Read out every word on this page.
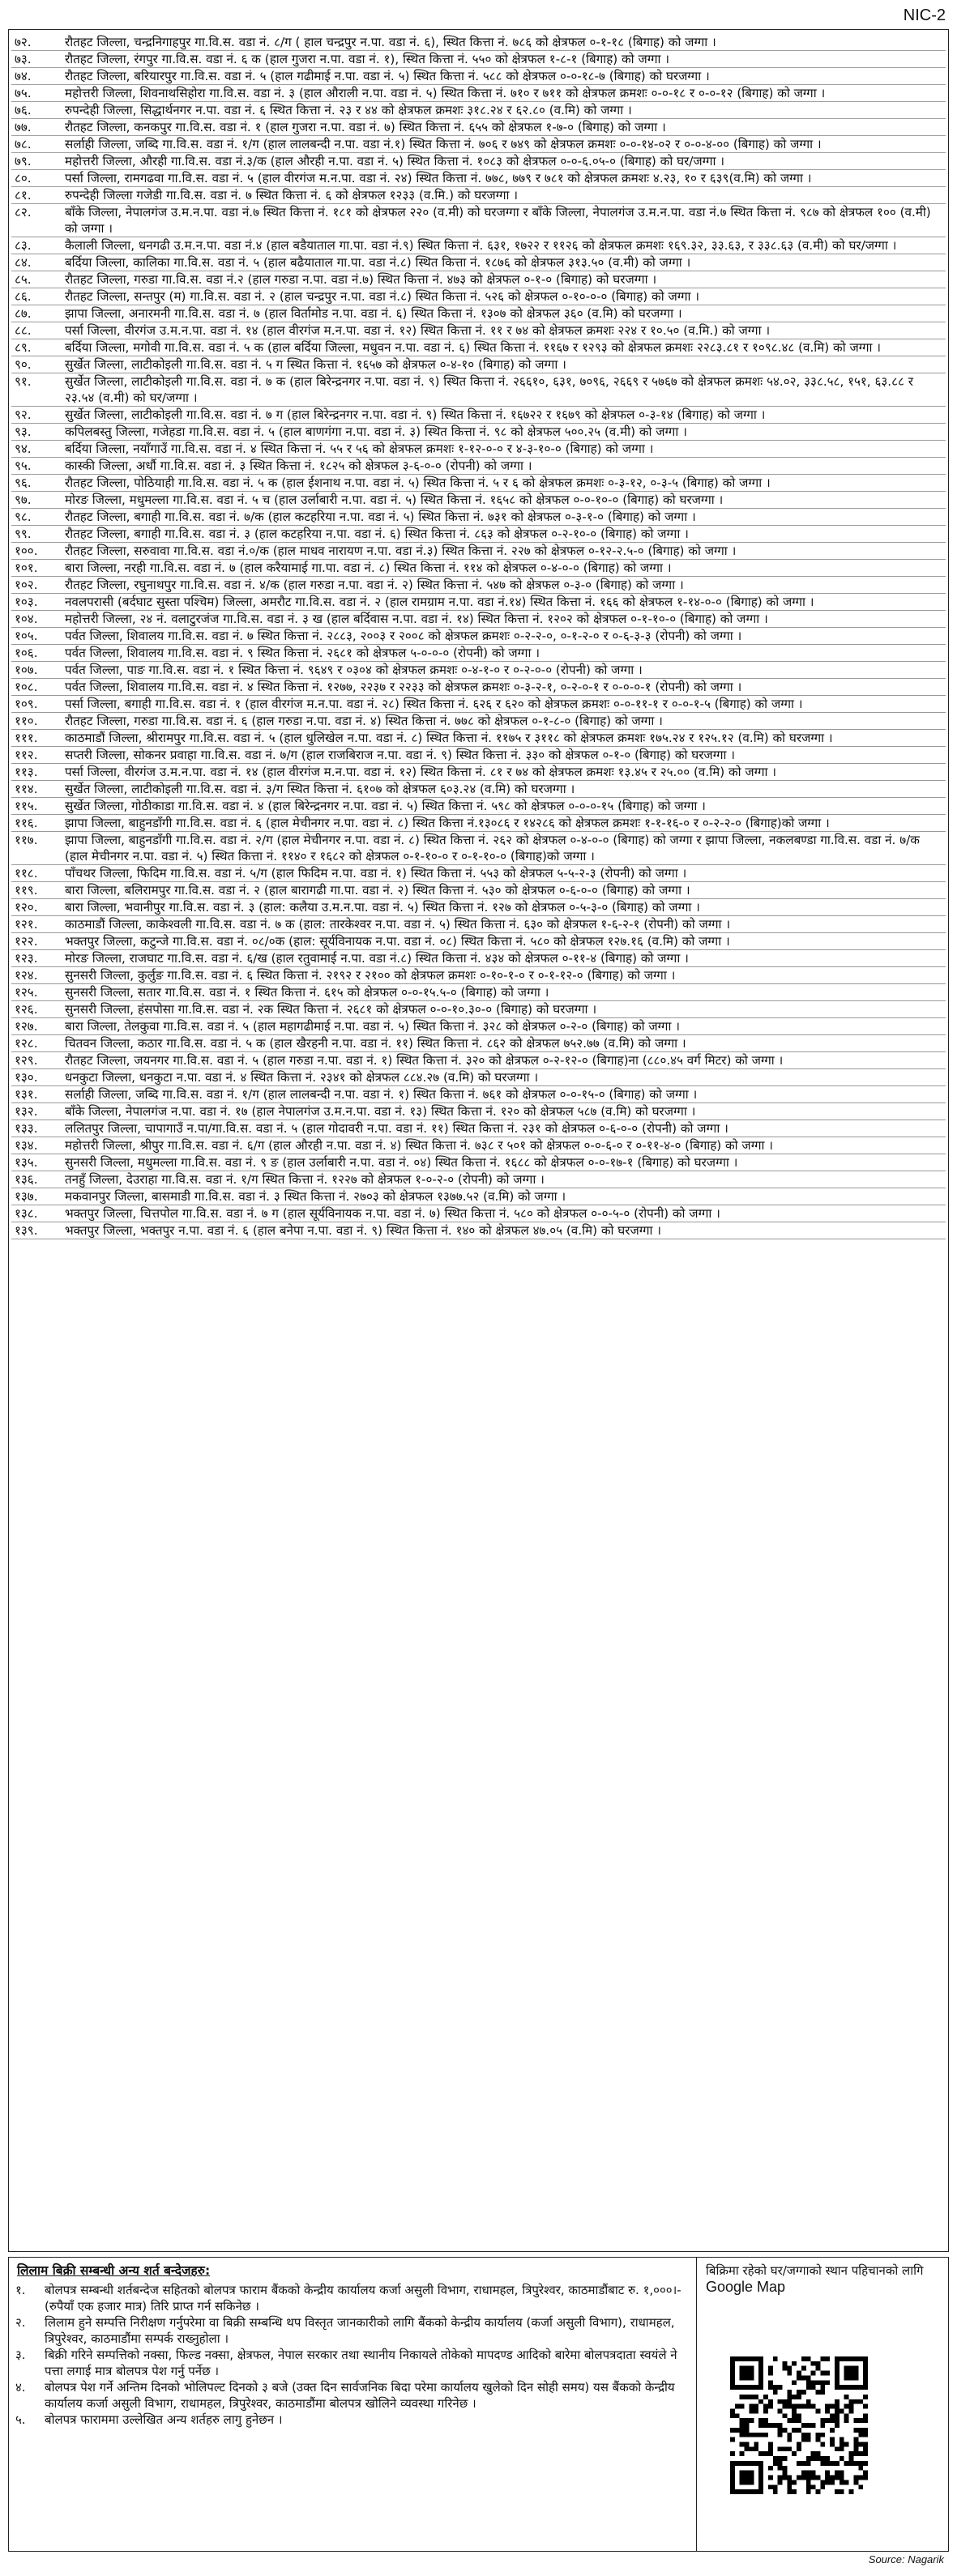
NIC-2
७२.	रौतहट जिल्ला, चन्द्रनिगाहपुर गा.वि.स. वडा नं. ८/ग ( हाल चन्द्रपुर न.पा. वडा नं. ६), स्थित कित्ता नं. ७८६ को क्षेत्रफल ०-१-१८ (बिगाह) को जग्गा ।
७३.	रौतहट जिल्ला, रंगपुर गा.वि.स. वडा नं. ६ क (हाल गुजरा न.पा. वडा नं. १), स्थित कित्ता नं. ५५० को क्षेत्रफल १-८-१ (बिगाह) को जग्गा ।
७४.	रौतहट जिल्ला, बरियारपुर गा.वि.स. वडा नं. ५ (हाल गढीमाई न.पा. वडा नं. ५) स्थित कित्ता नं. ५८८ को क्षेत्रफल ०-०-१८-७ (बिगाह) को घरजग्गा ।
७५.	महोत्तरी जिल्ला, शिवनाथसिहोरा गा.वि.स. वडा नं. ३ (हाल औराली न.पा. वडा नं. ५) स्थित कित्ता नं. ७१० र ७११ को क्षेत्रफल क्रमशः ०-०-१८ र ०-०-१२ (बिगाह) को जग्गा ।
७६.	रुपन्देही जिल्ला, सिद्धार्थनगर न.पा. वडा नं. ६ स्थित कित्ता नं. २३ र ४४ को क्षेत्रफल क्रमशः ३१८.२४ र ६२.८० (व.मि) को जग्गा ।
७७.	रौतहट जिल्ला, कनकपुर गा.वि.स. वडा नं. १ (हाल गुजरा न.पा. वडा नं. ७) स्थित कित्ता नं. ६५५ को क्षेत्रफल १-७-० (बिगाह) को जग्गा ।
७८.	सर्लाही जिल्ला, जब्दि गा.वि.स. वडा नं. १/ग (हाल लालबन्दी न.पा. वडा नं.१) स्थित कित्ता नं. ७०६ र ७४९ को क्षेत्रफल क्रमशः ०-०-१४-०२ र ०-०-४-०० (बिगाह) को जग्गा ।
७९.	महोत्तरी जिल्ला, औरही गा.वि.स. वडा नं.३/क (हाल औरही न.पा. वडा नं. ५) स्थित कित्ता नं. १०८३ को क्षेत्रफल ०-०-६.०५-० (बिगाह) को घर/जग्गा ।
८०.	पर्सा जिल्ला, रामगढवा गा.वि.स. वडा नं. ५ (हाल वीरगंज म.न.पा. वडा नं. २४) स्थित कित्ता नं. ७७८, ७७९ र ७८१ को क्षेत्रफल क्रमशः ४.२३, १० र ६३९(व.मि) को जग्गा ।
८१.	रुपन्देही जिल्ला गजेडी गा.वि.स. वडा नं. ७ स्थित कित्ता नं. ६ को क्षेत्रफल १२३३ (व.मि.) को घरजग्गा ।
८२.	बाँके जिल्ला, नेपालगंज उ.म.न.पा. वडा नं.७ स्थित कित्ता नं. १८१ को क्षेत्रफल २२० (व.मी) को घरजग्गा र बाँके जिल्ला, नेपालगंज उ.म.न.पा. वडा नं.७ स्थित कित्ता नं. ९८७ को क्षेत्रफल १०० (व.मी) को जग्गा ।
८३.	कैलाली जिल्ला, धनगढी उ.म.न.पा. वडा नं.४ (हाल बडैयाताल गा.पा. वडा नं.९) स्थित कित्ता नं. ६३१, १७२२ र ११२६ को क्षेत्रफल क्रमशः १६९.३२, ३३.६३, र ३३८.६३ (व.मी) को घर/जग्गा ।
८४.	बर्दिया जिल्ला, कालिका गा.वि.स. वडा नं. ५ (हाल बढैयाताल गा.पा. वडा नं.८) स्थित कित्ता नं. १८७६ को क्षेत्रफल ३१३.५० (व.मी) को जग्गा ।
८५.	रौतहट जिल्ला, गरुडा गा.वि.स. वडा नं.२ (हाल गरुडा न.पा. वडा नं.७) स्थित कित्ता नं. ४७३ को क्षेत्रफल ०-१-० (बिगाह) को घरजग्गा ।
८६.	रौतहट जिल्ला, सन्तपुर (म) गा.वि.स. वडा नं. २ (हाल चन्द्रपुर न.पा. वडा नं.८) स्थित कित्ता नं. ५२६ को क्षेत्रफल ०-१०-०-० (बिगाह) को जग्गा ।
८७.	झापा जिल्ला, अनारमनी गा.वि.स. वडा नं. ७ (हाल विर्तामोड न.पा. वडा नं. ६) स्थित कित्ता नं. १३०७ को क्षेत्रफल ३६० (व.मि) को घरजग्गा ।
८८.	पर्सा जिल्ला, वीरगंज उ.म.न.पा. वडा नं. १४ (हाल वीरगंज म.न.पा. वडा नं. १२) स्थित कित्ता नं. ११ र ७४ को क्षेत्रफल क्रमशः २२४ र १०.५० (व.मि.) को जग्गा ।
८९.	बर्दिया जिल्ला, मगोवी गा.वि.स. वडा नं. ५ क (हाल बर्दिया जिल्ला, मधुवन न.पा. वडा नं. ६) स्थित कित्ता नं. ११६७ र १२९३ को क्षेत्रफल क्रमशः २२८३.८१ र १०९८.४८ (व.मि) को जग्गा ।
९०.	सुर्खेत जिल्ला, लाटीकोइली गा.वि.स. वडा नं. ५ ग स्थित कित्ता नं. १६५७ को क्षेत्रफल ०-४-१० (बिगाह) को जग्गा ।
९१.	सुर्खेत जिल्ला, लाटीकोइली गा.वि.स. वडा नं. ७ क (हाल बिरेन्द्रनगर न.पा. वडा नं. ९) स्थित कित्ता नं. २६६१०, ६३१, ७०९६, २६६९ र ५७६७ को क्षेत्रफल क्रमशः ५४.०२, ३३८.५८, १५१, ६३.८८ र २३.५४ (व.मी) को घर/जग्गा ।
९२.	सुर्खेत जिल्ला, लाटीकोइली गा.वि.स. वडा नं. ७ ग (हाल बिरेन्द्रनगर न.पा. वडा नं. ९) स्थित कित्ता नं. १६७२२ र १६७९ को क्षेत्रफल ०-३-१४ (बिगाह) को जग्गा ।
९३.	कपिलबस्तु जिल्ला, गजेहडा गा.वि.स. वडा नं. ५ (हाल बाणगंगा न.पा. वडा नं. ३) स्थित कित्ता नं. ९८ को क्षेत्रफल ५००.२५ (व.मी) को जग्गा ।
९४.	बर्दिया जिल्ला, नयाँगाउँ गा.वि.स. वडा नं. ४ स्थित कित्ता नं. ५५ र ५६ को क्षेत्रफल क्रमशः १-१२-०-० र ४-३-१०-० (बिगाह) को जग्गा ।
९५.	कास्की जिल्ला, अर्धौ गा.वि.स. वडा नं. ३ स्थित कित्ता नं. १८२५ को क्षेत्रफल ३-६-०-० (रोपनी) को जग्गा ।
९६.	रौतहट जिल्ला, पोठियाही गा.वि.स. वडा नं. ५ क (हाल ईशनाथ न.पा. वडा नं. ५) स्थित कित्ता नं. ५ र ६ को क्षेत्रफल क्रमशः ०-३-१२, ०-३-५ (बिगाह) को जग्गा ।
९७.	मोरङ जिल्ला, मधुमल्ला गा.वि.स. वडा नं. ५ च (हाल उर्लाबारी न.पा. वडा नं. ५) स्थित कित्ता नं. १६५८ को क्षेत्रफल ०-०-१०-० (बिगाह) को घरजग्गा ।
९८.	रौतहट जिल्ला, बगाही गा.वि.स. वडा नं. ७/क (हाल कटहरिया न.पा. वडा नं. ५) स्थित कित्ता नं. ७३१ को क्षेत्रफल ०-३-१-० (बिगाह) को जग्गा ।
९९.	रौतहट जिल्ला, बगाही गा.वि.स. वडा नं. ३ (हाल कटहरिया न.पा. वडा नं. ६) स्थित कित्ता नं. ८६३ को क्षेत्रफल ०-२-१०-० (बिगाह) को जग्गा ।
१००.	रौतहट जिल्ला, सरुवावा गा.वि.स. वडा नं.०/क (हाल माधव नारायण न.पा. वडा नं.३) स्थित कित्ता नं. २२७ को क्षेत्रफल ०-१२-२.५-० (बिगाह) को जग्गा ।
१०१.	बारा जिल्ला, नरही गा.वि.स. वडा नं. ७ (हाल करैयामाई गा.पा. वडा नं. ८) स्थित कित्ता नं. ११४ को क्षेत्रफल ०-४-०-० (बिगाह) को जग्गा ।
१०२.	रौतहट जिल्ला, रघुनाथपुर गा.वि.स. वडा नं. ४/क (हाल गरुडा न.पा. वडा नं. २) स्थित कित्ता नं. ५४७ को क्षेत्रफल ०-३-० (बिगाह) को जग्गा ।
१०३.	नवलपरासी (बर्दघाट सुस्ता पश्चिम) जिल्ला, अमरौट गा.वि.स. वडा नं. २ (हाल रामग्राम न.पा. वडा नं.१४) स्थित कित्ता नं. १६६ को क्षेत्रफल १-१४-०-० (बिगाह) को जग्गा ।
१०४.	महोत्तरी जिल्ला, २४ नं. वलाटुरजंज गा.वि.स. वडा नं. ३ ख (हाल बर्दिवास न.पा. वडा नं. १४) स्थित कित्ता नं. १२०२ को क्षेत्रफल ०-१-१०-० (बिगाह) को जग्गा ।
१०५.	पर्वत जिल्ला, शिवालय गा.वि.स. वडा नं. ७ स्थित कित्ता नं. २८८३, २००३ र २००८ को क्षेत्रफल क्रमशः ०-२-२-०, ०-१-२-० र ०-६-३-३ (रोपनी) को जग्गा ।
१०६.	पर्वत जिल्ला, शिवालय गा.वि.स. वडा नं. ९ स्थित कित्ता नं. २६८१ को क्षेत्रफल ५-०-०-० (रोपनी) को जग्गा ।
१०७.	पर्वत जिल्ला, पाङ गा.वि.स. वडा नं. १ स्थित कित्ता नं. ९६४९ र ०३०४ को क्षेत्रफल क्रमशः ०-४-१-० र ०-२-०-० (रोपनी) को जग्गा ।
१०८.	पर्वत जिल्ला, शिवालय गा.वि.स. वडा नं. ४ स्थित कित्ता नं. १२७७, २२३७ र २२३३ को क्षेत्रफल क्रमशः ०-३-२-१, ०-२-०-१ र ०-०-०-१ (रोपनी) को जग्गा ।
१०९.	पर्सा जिल्ला, बगाही गा.वि.स. वडा नं. १ (हाल वीरगंज म.न.पा. वडा नं. २८) स्थित कित्ता नं. ६२६ र ६२० को क्षेत्रफल क्रमशः ०-०-११-१ र ०-०-१-५ (बिगाह) को जग्गा ।
११०.	रौतहट जिल्ला, गरुडा गा.वि.स. वडा नं. ६ (हाल गरुडा न.पा. वडा नं. ४) स्थित कित्ता नं. ७७८ को क्षेत्रफल ०-१-८-० (बिगाह) को जग्गा ।
१११.	काठमाडौं जिल्ला, श्रीरामपुर गा.वि.स. वडा नं. ५ (हाल धुलिखेल न.पा. वडा नं. ८) स्थित कित्ता नं. ११७५ र ३११८ को क्षेत्रफल क्रमशः १७५.२४ र १२५.१२ (व.मि) को घरजग्गा ।
११२.	सप्तरी जिल्ला, सोकनर प्रवाहा गा.वि.स. वडा नं. ७/ग (हाल राजबिराज न.पा. वडा नं. ९) स्थित कित्ता नं. ३३० को क्षेत्रफल ०-१-० (बिगाह) को घरजग्गा ।
११३.	पर्सा जिल्ला, वीरगंज उ.म.न.पा. वडा नं. १४ (हाल वीरगंज म.न.पा. वडा नं. १२) स्थित कित्ता नं. ८१ र ७४ को क्षेत्रफल क्रमशः १३.४५ र २५.०० (व.मि) को जग्गा ।
११४.	सुर्खेत जिल्ला, लाटीकोइली गा.वि.स. वडा नं. ३/ग स्थित कित्ता नं. ६१०७ को क्षेत्रफल ६०३.२४ (व.मि) को घरजग्गा ।
११५.	सुर्खेत जिल्ला, गोठीकाडा गा.वि.स. वडा नं. ४ (हाल बिरेन्द्रनगर न.पा. वडा नं. ५) स्थित कित्ता नं. ५९८ को क्षेत्रफल ०-०-०-१५ (बिगाह) को जग्गा ।
११६.	झापा जिल्ला, बाहुनडाँगी गा.वि.स. वडा नं. ६ (हाल मेचीनगर न.पा. वडा नं. ८) स्थित कित्ता नं.१३०८६ र १४२८६ को क्षेत्रफल क्रमशः १-१-१६-० र ०-२-२-० (बिगाह)को जग्गा ।
११७.	झापा जिल्ला, बाहुनडाँगी गा.वि.स. वडा नं. २/ग (हाल मेचीनगर न.पा. वडा नं. ८) स्थित कित्ता नं. २६२ को क्षेत्रफल ०-४-०-० (बिगाह) को जग्गा र झापा जिल्ला, नकलबण्डा गा.वि.स. वडा नं. ७/क (हाल मेचीनगर न.पा. वडा नं. ५) स्थित कित्ता नं. ११४० र १६८२ को क्षेत्रफल ०-१-१०-० र ०-१-१०-० (बिगाह)को जग्गा ।
११८.	पाँचथर जिल्ला, फिदिम गा.वि.स. वडा नं. ५/ग (हाल फिदिम न.पा. वडा नं. १) स्थित कित्ता नं. ५५३ को क्षेत्रफल ५-५-२-३ (रोपनी) को जग्गा ।
११९.	बारा जिल्ला, बलिरामपुर गा.वि.स. वडा नं. २ (हाल बारागढी गा.पा. वडा नं. २) स्थित कित्ता नं. ५३० को क्षेत्रफल ०-६-०-० (बिगाह) को जग्गा ।
१२०.	बारा जिल्ला, भवानीपुर गा.वि.स. वडा नं. ३ (हाल: कलैया उ.म.न.पा. वडा नं. ५) स्थित कित्ता नं. १२७ को क्षेत्रफल ०-५-३-० (बिगाह) को जग्गा ।
१२१.	काठमाडौं जिल्ला, काकेश्वली गा.वि.स. वडा नं. ७ क (हाल: तारकेश्वर न.पा. वडा नं. ५) स्थित कित्ता नं. ६३० को क्षेत्रफल १-६-२-१ (रोपनी) को जग्गा ।
१२२.	भक्तपुर जिल्ला, कटुन्जे गा.वि.स. वडा नं. ०८/०क (हाल: सूर्यविनायक न.पा. वडा नं. ०८) स्थित कित्ता नं. ५८० को क्षेत्रफल १२७.१६ (व.मि) को जग्गा ।
१२३.	मोरङ जिल्ला, राजघाट गा.वि.स. वडा नं. ६/ख (हाल रतुवामाई न.पा. वडा नं.८) स्थित कित्ता नं. ४३४ को क्षेत्रफल ०-११-४ (बिगाह) को जग्गा ।
१२४.	सुनसरी जिल्ला, कुर्लुङ गा.वि.स. वडा नं. ६ स्थित कित्ता नं. २१९२ र २१०० को क्षेत्रफल क्रमशः ०-१०-१-० र ०-१-१२-० (बिगाह) को जग्गा ।
१२५.	सुनसरी जिल्ला, सतार गा.वि.स. वडा नं. १ स्थित कित्ता नं. ६१५ को क्षेत्रफल ०-०-१५.५-० (बिगाह) को जग्गा ।
१२६.	सुनसरी जिल्ला, हंसपोसा गा.वि.स. वडा नं. २क स्थित कित्ता नं. २६८१ को क्षेत्रफल ०-०-१०.३०-० (बिगाह) को घरजग्गा ।
१२७.	बारा जिल्ला, तेलकुवा गा.वि.स. वडा नं. ५ (हाल महागढीमाई न.पा. वडा नं. ५) स्थित कित्ता नं. ३२८ को क्षेत्रफल ०-२-० (बिगाह) को जग्गा ।
१२८.	चितवन जिल्ला, कठार गा.वि.स. वडा नं. ५ क (हाल खैरहनी न.पा. वडा नं. ११) स्थित कित्ता नं. ८६२ को क्षेत्रफल ७५२.७७ (व.मि) को जग्गा ।
१२९.	रौतहट जिल्ला, जयनगर गा.वि.स. वडा नं. ५ (हाल गरुडा न.पा. वडा नं. १) स्थित कित्ता नं. ३२० को क्षेत्रफल ०-२-१२-० (बिगाह)ना (८८०.४५ वर्ग मिटर) को जग्गा ।
१३०.	धनकुटा जिल्ला, धनकुटा न.पा. वडा नं. ४ स्थित कित्ता नं. २३४१ को क्षेत्रफल ८८४.२७ (व.मि) को घरजग्गा ।
१३१.	सर्लाही जिल्ला, जब्दि गा.वि.स. वडा नं. १/ग (हाल लालबन्दी न.पा. वडा नं. १) स्थित कित्ता नं. ७६१ को क्षेत्रफल ०-०-१५-० (बिगाह) को जग्गा ।
१३२.	बाँके जिल्ला, नेपालगंज न.पा. वडा नं. १७ (हाल नेपालगंज उ.म.न.पा. वडा नं. १३) स्थित कित्ता नं. १२० को क्षेत्रफल ५८७ (व.मि) को घरजग्गा ।
१३३.	ललितपुर जिल्ला, चापागाउँ न.पा/गा.वि.स. वडा नं. ५ (हाल गोदावरी न.पा. वडा नं. ११) स्थित कित्ता नं. २३१ को क्षेत्रफल ०-६-०-० (रोपनी) को जग्गा ।
१३४.	महोत्तरी जिल्ला, श्रीपुर गा.वि.स. वडा नं. ६/ग (हाल औरही न.पा. वडा नं. ४) स्थित कित्ता नं. ७३८ र ५०१ को क्षेत्रफल ०-०-६-० र ०-११-४-० (बिगाह) को जग्गा ।
१३५.	सुनसरी जिल्ला, मधुमल्ला गा.वि.स. वडा नं. ९ ङ (हाल उर्लाबारी न.पा. वडा नं. ०४) स्थित कित्ता नं. १६८८ को क्षेत्रफल ०-०-१७-१ (बिगाह) को घरजग्गा ।
१३६.	तनहुँ जिल्ला, देउराहा गा.वि.स. वडा नं. १/ग स्थित कित्ता नं. १२२७ को क्षेत्रफल १-०-२-० (रोपनी) को जग्गा ।
१३७.	मकवानपुर जिल्ला, बासमाडी गा.वि.स. वडा नं. ३ स्थित कित्ता नं. २७०३ को क्षेत्रफल १३७७.५२ (व.मि) को जग्गा ।
१३८.	भक्तपुर जिल्ला, चित्तपोल गा.वि.स. वडा नं. ७ ग (हाल सूर्यविनायक न.पा. वडा नं. ७) स्थित कित्ता नं. ५८० को क्षेत्रफल ०-०-५-० (रोपनी) को जग्गा ।
१३९.	भक्तपुर जिल्ला, भक्तपुर न.पा. वडा नं. ६ (हाल बनेपा न.पा. वडा नं. ९) स्थित कित्ता नं. १४० को क्षेत्रफल ४७.०५ (व.मि) को घरजग्गा ।
लिलाम बिक्री सम्बन्धी अन्य शर्त बन्देजहरु:
१.	बोलपत्र सम्बन्धी शर्तबन्देज सहितको बोलपत्र फाराम बैंकको केन्द्रीय कार्यालय कर्जा असुली विभाग, राधामहल, त्रिपुरेश्वर, काठमाडौंबाट रु. १,०००।- (रुपैयाँ एक हजार मात्र) तिरि प्राप्त गर्न सकिनेछ ।
२.	लिलाम हुने सम्पत्ति निरीक्षण गर्नुपरेमा वा बिक्री सम्बन्धि थप विस्तृत जानकारीको लागि बैंकको केन्द्रीय कार्यालय (कर्जा असुली विभाग), राधामहल, त्रिपुरेश्वर, काठमाडौंमा सम्पर्क राख्नुहोला ।
३.	बिक्री गरिने सम्पत्तिको नक्सा, फिल्ड नक्सा, क्षेत्रफल, नेपाल सरकार तथा स्थानीय निकायले तोकेको मापदण्ड आदिको बारेमा बोलपत्रदाता स्वयंले ने पत्ता लगाई मात्र बोलपत्र पेश गर्नु पर्नेछ ।
४.	बोलपत्र पेश गर्ने अन्तिम दिनको भोलिपल्ट दिनको ३ बजे (उक्त दिन सार्वजनिक बिदा परेमा कार्यालय खुलेको दिन सोही समय) यस बैंकको केन्द्रीय कार्यालय कर्जा असुली विभाग, राधामहल, त्रिपुरेश्वर, काठमाडौंमा बोलपत्र खोलिने व्यवस्था गरिनेछ ।
५.	बोलपत्र फाराममा उल्लेखित अन्य शर्तहरु लागु हुनेछन ।
बिक्रिमा रहेको घर/जग्गाको स्थान पहिचानको लागि
Google Map
Source: Nagarik
